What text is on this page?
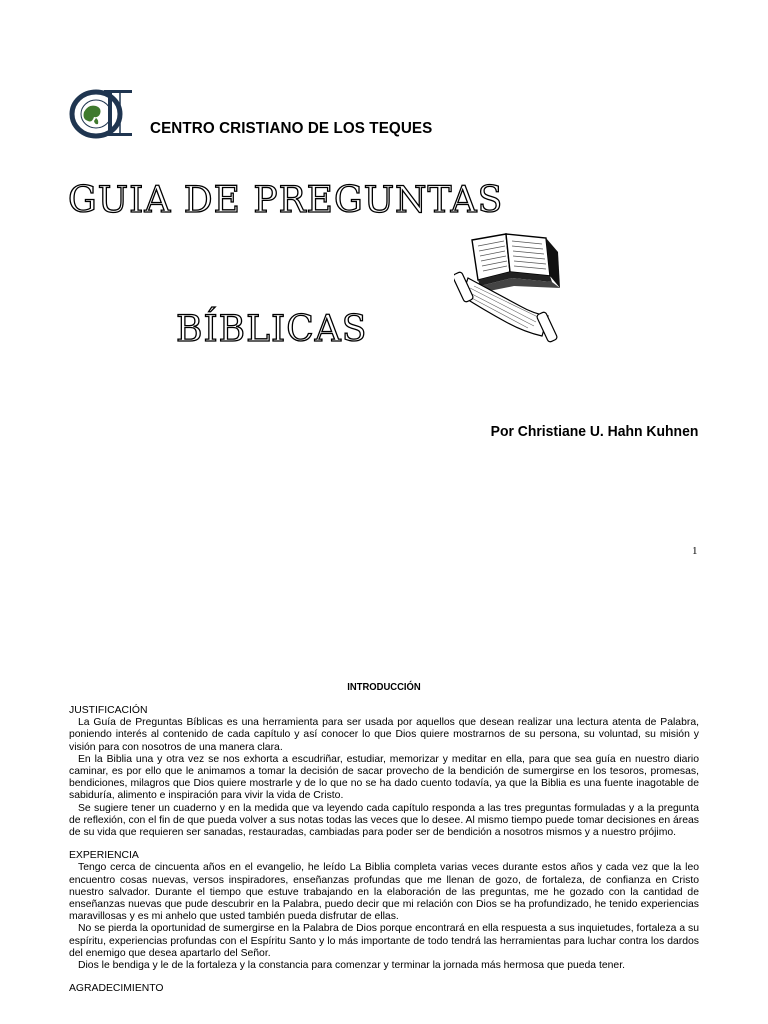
CENTRO CRISTIANO DE LOS TEQUES
GUIA DE PREGUNTAS
BÍBLICAS
Por Christiane U. Hahn Kuhnen
1
INTRODUCCIÓN

JUSTIFICACIÓN

La Guía de Preguntas Bíblicas es una herramienta para ser usada por aquellos que desean realizar una lectura atenta de Palabra, poniendo interés al contenido de cada capítulo y así conocer lo que Dios quiere mostrarnos de su persona, su voluntad, su misión y visión para con nosotros de una manera clara.

En la Biblia una y otra vez se nos exhorta a escudriñar, estudiar, memorizar y meditar en ella, para que sea guía en nuestro diario caminar, es por ello que le animamos a tomar la decisión de sacar provecho de la bendición de sumergirse en los tesoros, promesas, bendiciones, milagros que Dios quiere mostrarle y de lo que no se ha dado cuento todavía, ya que la Biblia es una fuente inagotable de sabiduría, alimento e inspiración para vivir la vida de Cristo.

Se sugiere tener un cuaderno y en la medida que va leyendo cada capítulo responda a las tres preguntas formuladas y a la pregunta de reflexión, con el fin de que pueda volver a sus notas todas las veces que lo desee. Al mismo tiempo puede tomar decisiones en áreas de su vida que requieren ser sanadas, restauradas, cambiadas para poder ser de bendición a nosotros mismos y a nuestro prójimo.

EXPERIENCIA

Tengo cerca de cincuenta años en el evangelio, he leído La Biblia completa varias veces durante estos años y cada vez que la leo encuentro cosas nuevas, versos inspiradores, enseñanzas profundas que me llenan de gozo, de fortaleza, de confianza en Cristo nuestro salvador. Durante el tiempo que estuve trabajando en la elaboración de las preguntas, me he gozado con la cantidad de enseñanzas nuevas que pude descubrir en la Palabra, puedo decir que mi relación con Dios se ha profundizado, he tenido experiencias maravillosas y es mi anhelo que usted también pueda disfrutar de ellas.

No se pierda la oportunidad de sumergirse en la Palabra de Dios porque encontrará en ella respuesta a sus inquietudes, fortaleza a su espíritu, experiencias profundas con el Espíritu Santo y lo más importante de todo tendrá las herramientas para luchar contra los dardos del enemigo que desea apartarlo del Señor.

Dios le bendiga y le de la fortaleza y la constancia para comenzar y terminar la jornada más hermosa que pueda tener.

AGRADECIMIENTO
